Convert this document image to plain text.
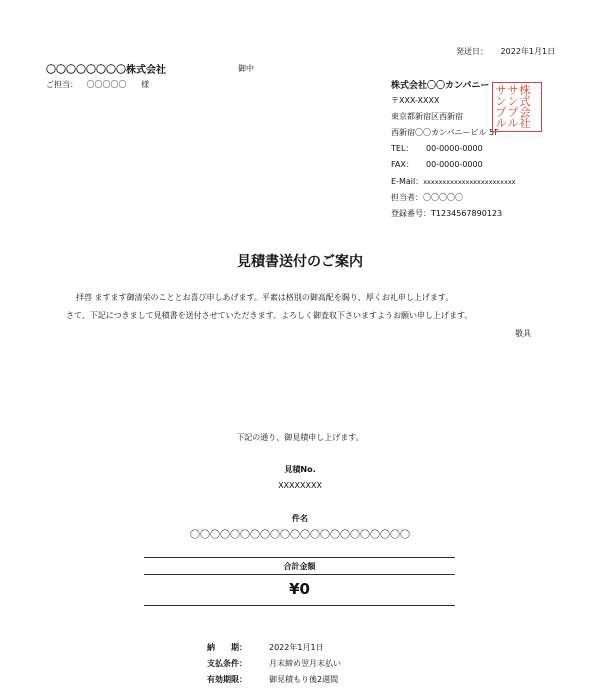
発送日： 2022年1月1日
〇〇〇〇〇〇〇〇株式会社	御中
ご担当： 〇〇〇〇〇 様	株式会社〇〇カンパニー
〒XXX-XXXX
東京都新宿区西新宿
西新宿〇〇カンパニービル 5F
TEL： 00-0000-0000
FAX： 00-0000-0000
E-Mail：xxxxxxxxxxxxxxxxxxxxxxxx
担当者：〇〇〇〇〇
登録番号：T1234567890123
株式会社
サンプル
サンプル
見積書送付のご案内
拝啓 ますます御清栄のこととお喜び申しあげます。平素は格別の御高配を賜り、厚くお礼申し上げます。
さて、下記につきまして見積書を送付させていただきます。よろしく御査収下さいますようお願い申し上げます。
敬具
下記の通り、御見積申し上げます。
見積No.
XXXXXXXX
件名
〇〇〇〇〇〇〇〇〇〇〇〇〇〇〇〇〇〇〇〇〇〇
合計金額
¥0
納　　期：	2022年1月1日
支払条件：	月末締め翌月末払い
有効期限：	御見積もり後2週間
